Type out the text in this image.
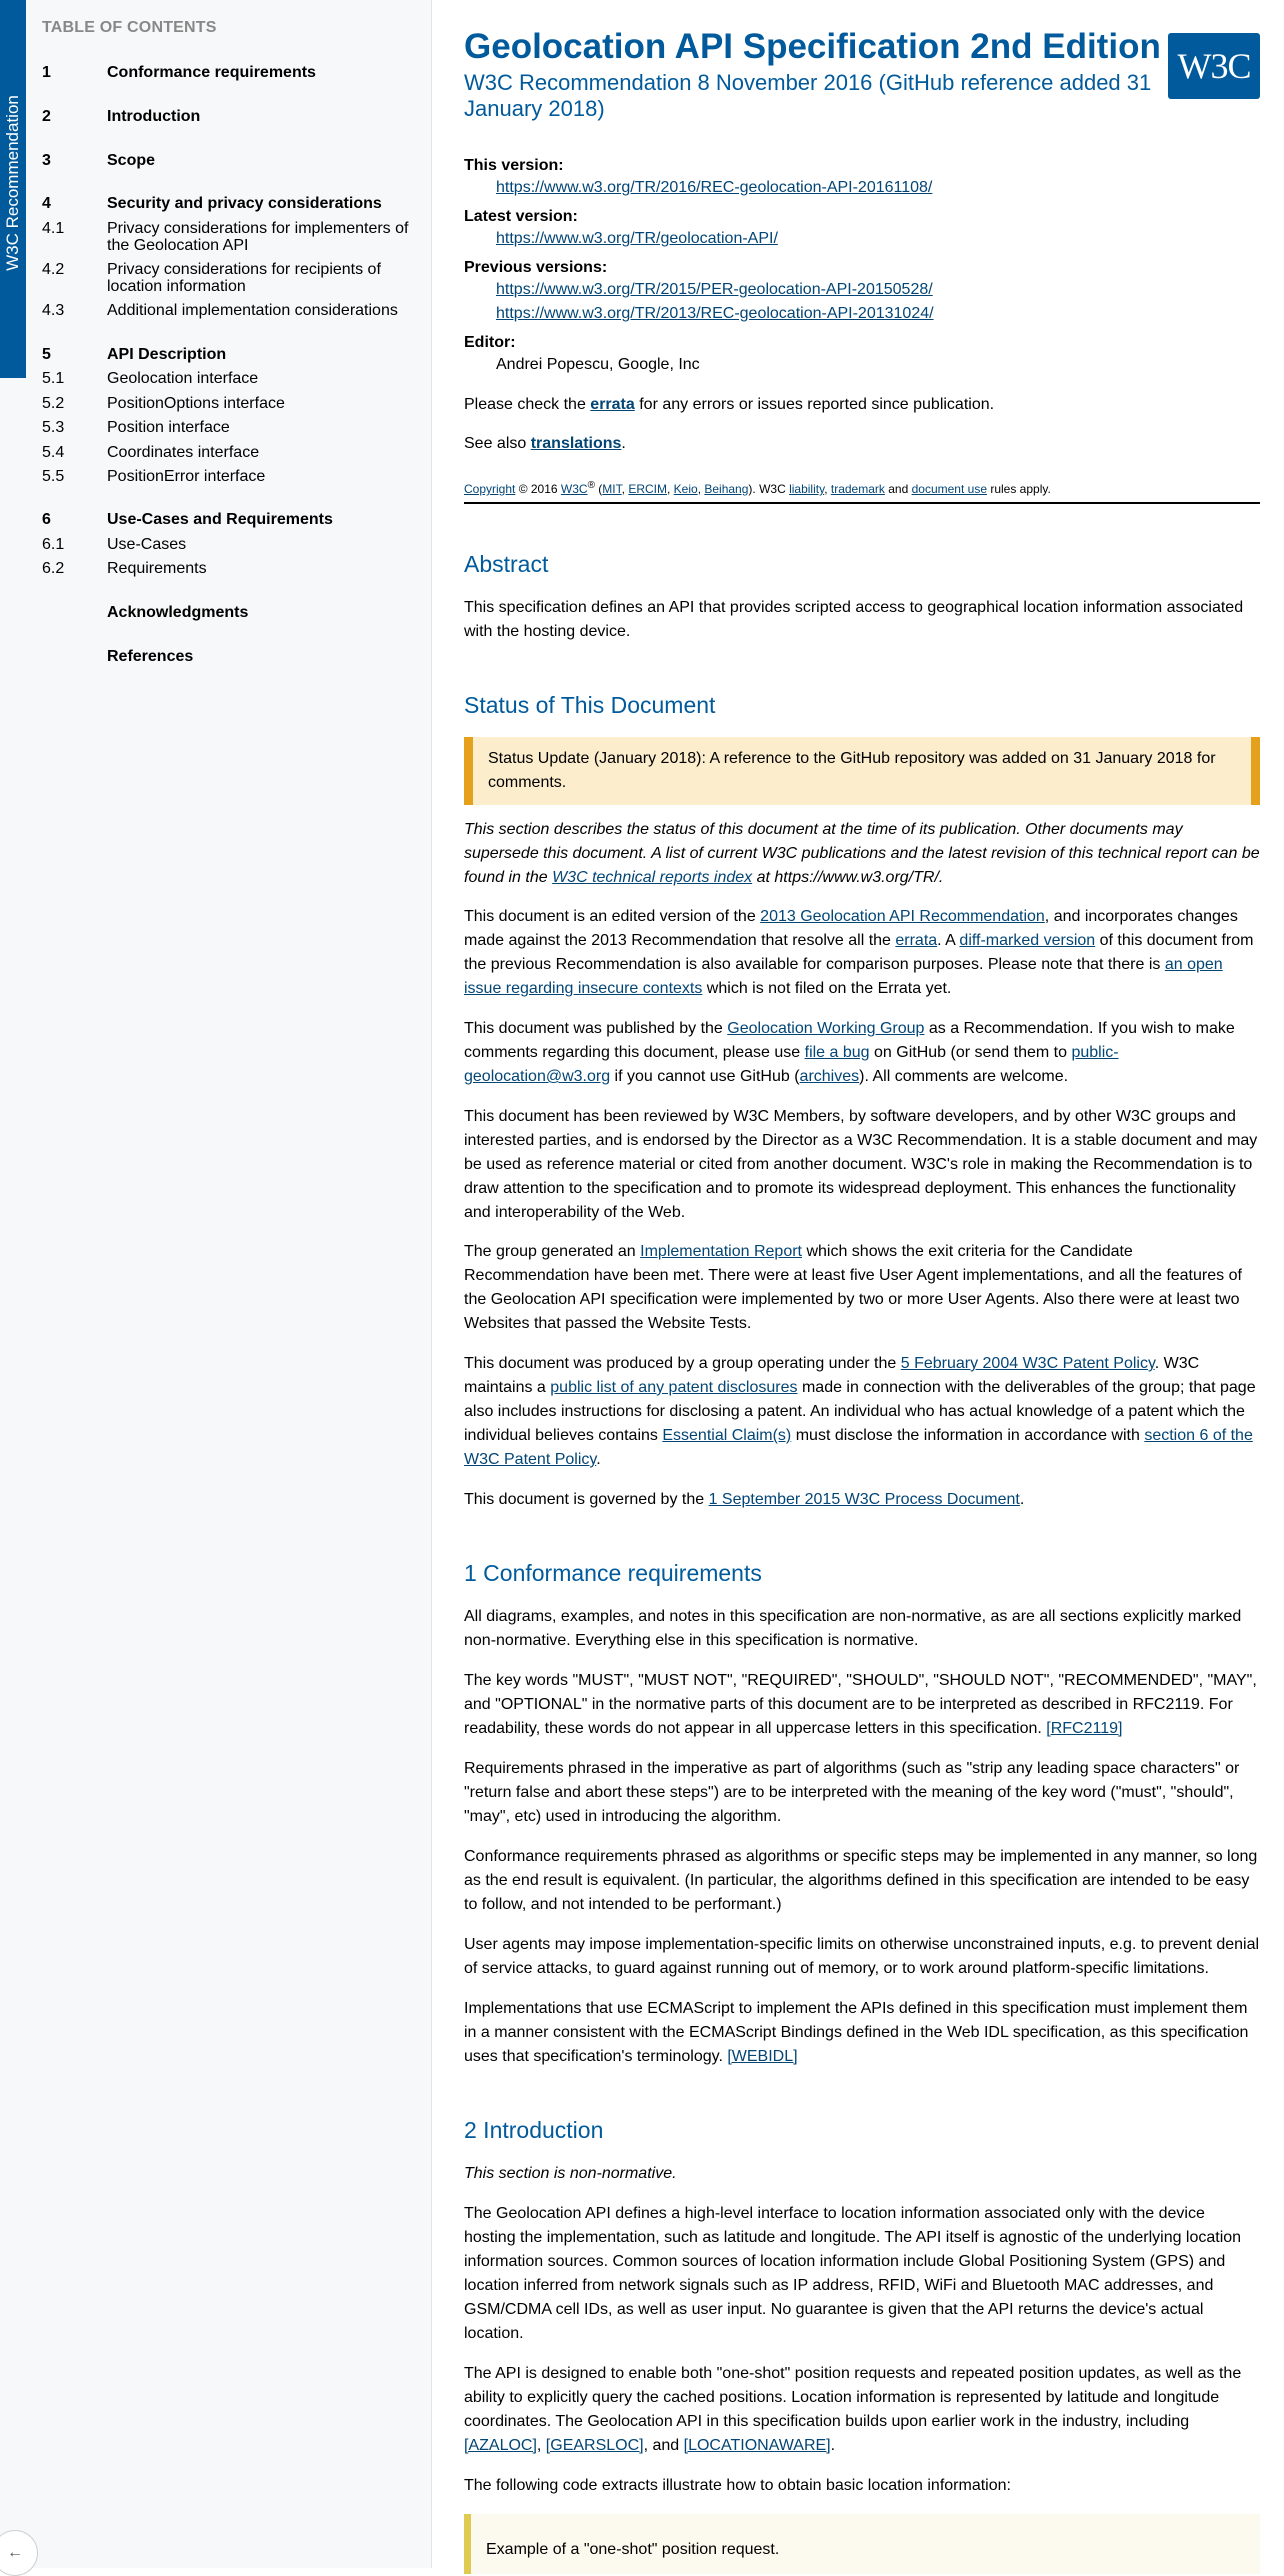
W3C Recommendation
TABLE OF CONTENTS
1	Conformance requirements
2	Introduction
3	Scope
4	Security and privacy considerations
4.1	Privacy considerations for implementers of the Geolocation API
4.2	Privacy considerations for recipients of location information
4.3	Additional implementation considerations
5	API Description
5.1	Geolocation interface
5.2	PositionOptions interface
5.3	Position interface
5.4	Coordinates interface
5.5	PositionError interface
6	Use-Cases and Requirements
6.1	Use-Cases
6.2	Requirements
Acknowledgments
References
←
Geolocation API Specification 2nd Edition
W3C Recommendation 8 November 2016 (GitHub reference added 31 January 2018)
W3C
This version:
https://www.w3.org/TR/2016/REC-geolocation-API-20161108/
Latest version:
https://www.w3.org/TR/geolocation-API/
Previous versions:
https://www.w3.org/TR/2015/PER-geolocation-API-20150528/
https://www.w3.org/TR/2013/REC-geolocation-API-20131024/
Editor:
Andrei Popescu, Google, Inc
Please check the errata for any errors or issues reported since publication.
See also translations.
Copyright © 2016 W3C® (MIT, ERCIM, Keio, Beihang). W3C liability, trademark and document use rules apply.
Abstract
This specification defines an API that provides scripted access to geographical location information associated with the hosting device.
Status of This Document
Status Update (January 2018): A reference to the GitHub repository was added on 31 January 2018 for comments.
This section describes the status of this document at the time of its publication. Other documents may supersede this document. A list of current W3C publications and the latest revision of this technical report can be found in the W3C technical reports index at https://www.w3.org/TR/.
This document is an edited version of the 2013 Geolocation API Recommendation, and incorporates changes made against the 2013 Recommendation that resolve all the errata. A diff-marked version of this document from the previous Recommendation is also available for comparison purposes. Please note that there is an open issue regarding insecure contexts which is not filed on the Errata yet.
This document was published by the Geolocation Working Group as a Recommendation. If you wish to make comments regarding this document, please use file a bug on GitHub (or send them to public-geolocation@w3.org if you cannot use GitHub (archives). All comments are welcome.
This document has been reviewed by W3C Members, by software developers, and by other W3C groups and interested parties, and is endorsed by the Director as a W3C Recommendation. It is a stable document and may be used as reference material or cited from another document. W3C's role in making the Recommendation is to draw attention to the specification and to promote its widespread deployment. This enhances the functionality and interoperability of the Web.
The group generated an Implementation Report which shows the exit criteria for the Candidate Recommendation have been met. There were at least five User Agent implementations, and all the features of the Geolocation API specification were implemented by two or more User Agents. Also there were at least two Websites that passed the Website Tests.
This document was produced by a group operating under the 5 February 2004 W3C Patent Policy. W3C maintains a public list of any patent disclosures made in connection with the deliverables of the group; that page also includes instructions for disclosing a patent. An individual who has actual knowledge of a patent which the individual believes contains Essential Claim(s) must disclose the information in accordance with section 6 of the W3C Patent Policy.
This document is governed by the 1 September 2015 W3C Process Document.
1 Conformance requirements
All diagrams, examples, and notes in this specification are non-normative, as are all sections explicitly marked non-normative. Everything else in this specification is normative.
The key words "MUST", "MUST NOT", "REQUIRED", "SHOULD", "SHOULD NOT", "RECOMMENDED", "MAY", and "OPTIONAL" in the normative parts of this document are to be interpreted as described in RFC2119. For readability, these words do not appear in all uppercase letters in this specification. [RFC2119]
Requirements phrased in the imperative as part of algorithms (such as "strip any leading space characters" or "return false and abort these steps") are to be interpreted with the meaning of the key word ("must", "should", "may", etc) used in introducing the algorithm.
Conformance requirements phrased as algorithms or specific steps may be implemented in any manner, so long as the end result is equivalent. (In particular, the algorithms defined in this specification are intended to be easy to follow, and not intended to be performant.)
User agents may impose implementation-specific limits on otherwise unconstrained inputs, e.g. to prevent denial of service attacks, to guard against running out of memory, or to work around platform-specific limitations.
Implementations that use ECMAScript to implement the APIs defined in this specification must implement them in a manner consistent with the ECMAScript Bindings defined in the Web IDL specification, as this specification uses that specification's terminology. [WEBIDL]
2 Introduction
This section is non-normative.
The Geolocation API defines a high-level interface to location information associated only with the device hosting the implementation, such as latitude and longitude. The API itself is agnostic of the underlying location information sources. Common sources of location information include Global Positioning System (GPS) and location inferred from network signals such as IP address, RFID, WiFi and Bluetooth MAC addresses, and GSM/CDMA cell IDs, as well as user input. No guarantee is given that the API returns the device's actual location.
The API is designed to enable both "one-shot" position requests and repeated position updates, as well as the ability to explicitly query the cached positions. Location information is represented by latitude and longitude coordinates. The Geolocation API in this specification builds upon earlier work in the industry, including [AZALOC], [GEARSLOC], and [LOCATIONAWARE].
The following code extracts illustrate how to obtain basic location information:
Example of a "one-shot" position request.
